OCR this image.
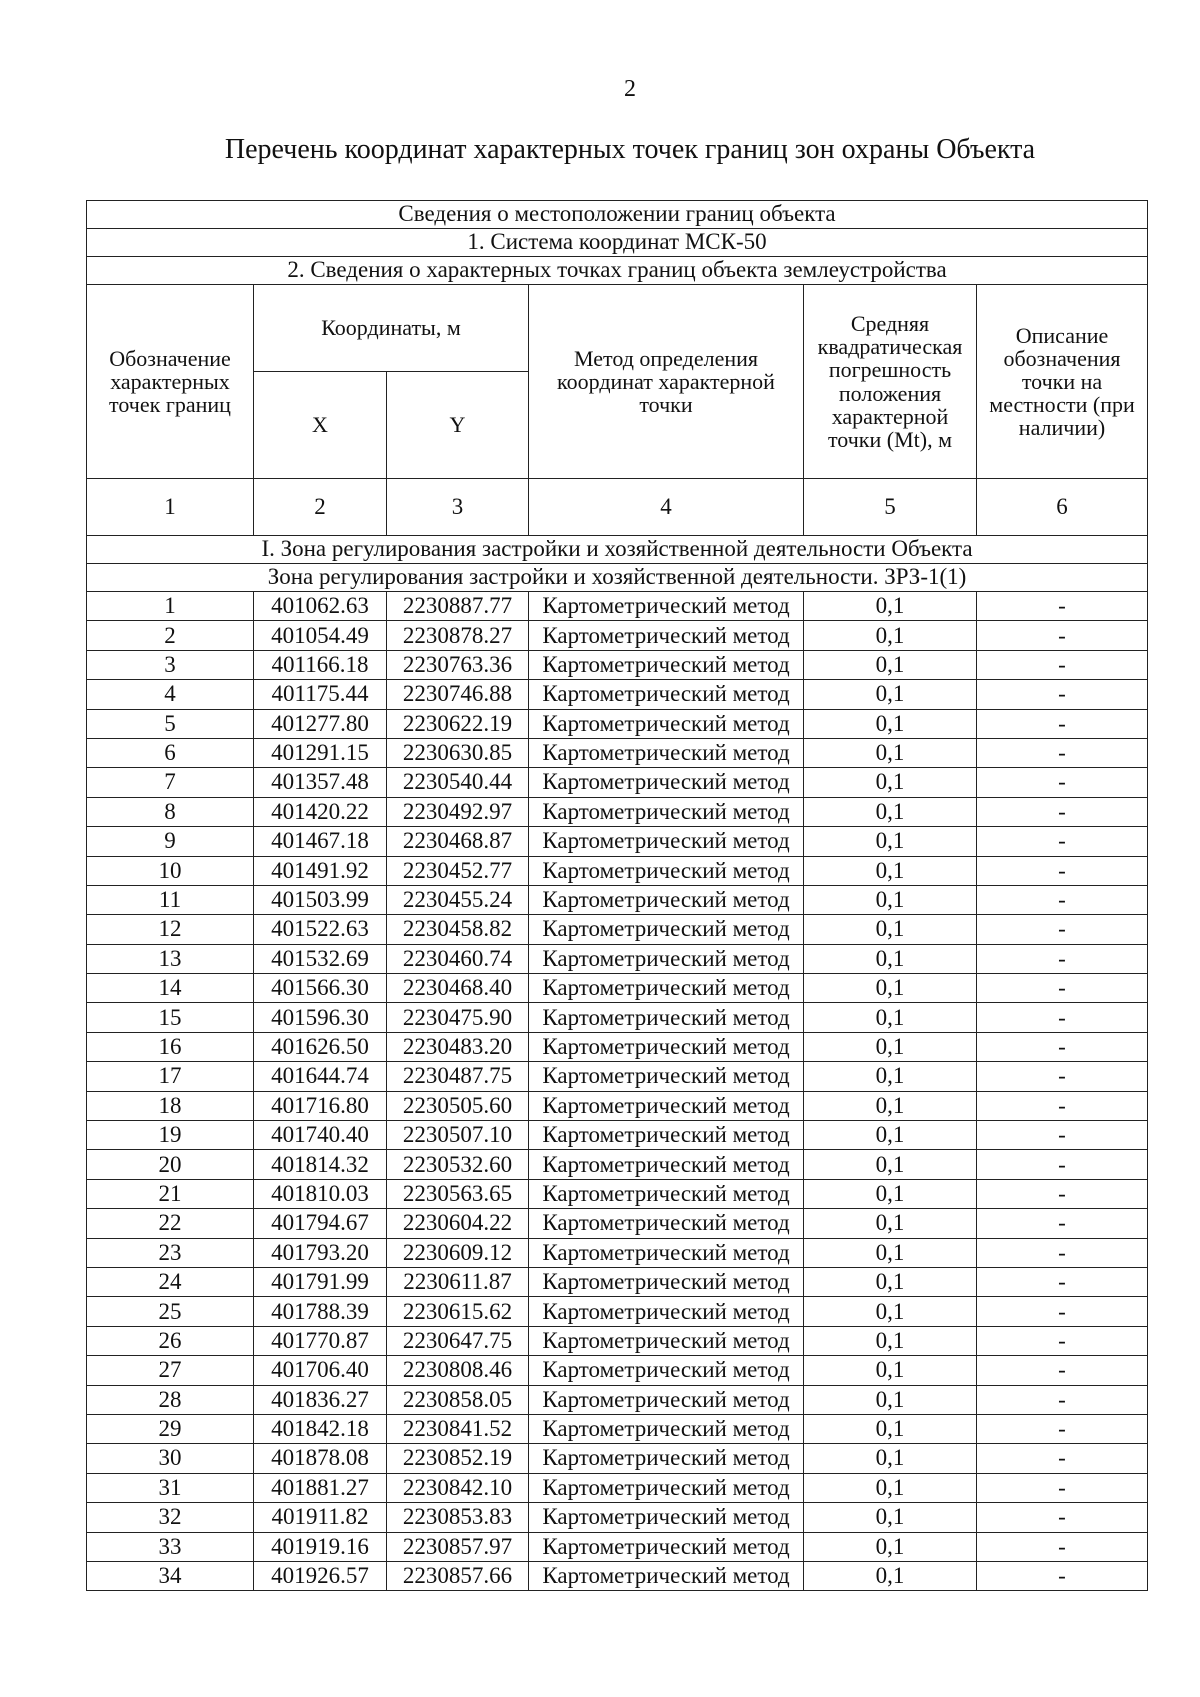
2
Перечень координат характерных точек границ зон охраны Объекта
Сведения о местоположении границ объекта					
1. Система координат МСК-50					
2. Сведения о характерных точках границ объекта землеустройства					
Обозначение характерных точек границ	Координаты, м		Метод определения координат характерной точки	Средняя квадратическая погрешность положения характерной точки (Mt), м	Описание обозначения точки на местности (при наличии)
	X	Y			
1	2	3	4	5	6
I. Зона регулирования застройки и хозяйственной деятельности Объекта					
Зона регулирования застройки и хозяйственной деятельности. ЗРЗ-1(1)					
1	401062.63	2230887.77	Картометрический метод	0,1	-
2	401054.49	2230878.27	Картометрический метод	0,1	-
3	401166.18	2230763.36	Картометрический метод	0,1	-
4	401175.44	2230746.88	Картометрический метод	0,1	-
5	401277.80	2230622.19	Картометрический метод	0,1	-
6	401291.15	2230630.85	Картометрический метод	0,1	-
7	401357.48	2230540.44	Картометрический метод	0,1	-
8	401420.22	2230492.97	Картометрический метод	0,1	-
9	401467.18	2230468.87	Картометрический метод	0,1	-
10	401491.92	2230452.77	Картометрический метод	0,1	-
11	401503.99	2230455.24	Картометрический метод	0,1	-
12	401522.63	2230458.82	Картометрический метод	0,1	-
13	401532.69	2230460.74	Картометрический метод	0,1	-
14	401566.30	2230468.40	Картометрический метод	0,1	-
15	401596.30	2230475.90	Картометрический метод	0,1	-
16	401626.50	2230483.20	Картометрический метод	0,1	-
17	401644.74	2230487.75	Картометрический метод	0,1	-
18	401716.80	2230505.60	Картометрический метод	0,1	-
19	401740.40	2230507.10	Картометрический метод	0,1	-
20	401814.32	2230532.60	Картометрический метод	0,1	-
21	401810.03	2230563.65	Картометрический метод	0,1	-
22	401794.67	2230604.22	Картометрический метод	0,1	-
23	401793.20	2230609.12	Картометрический метод	0,1	-
24	401791.99	2230611.87	Картометрический метод	0,1	-
25	401788.39	2230615.62	Картометрический метод	0,1	-
26	401770.87	2230647.75	Картометрический метод	0,1	-
27	401706.40	2230808.46	Картометрический метод	0,1	-
28	401836.27	2230858.05	Картометрический метод	0,1	-
29	401842.18	2230841.52	Картометрический метод	0,1	-
30	401878.08	2230852.19	Картометрический метод	0,1	-
31	401881.27	2230842.10	Картометрический метод	0,1	-
32	401911.82	2230853.83	Картометрический метод	0,1	-
33	401919.16	2230857.97	Картометрический метод	0,1	-
34	401926.57	2230857.66	Картометрический метод	0,1	-
